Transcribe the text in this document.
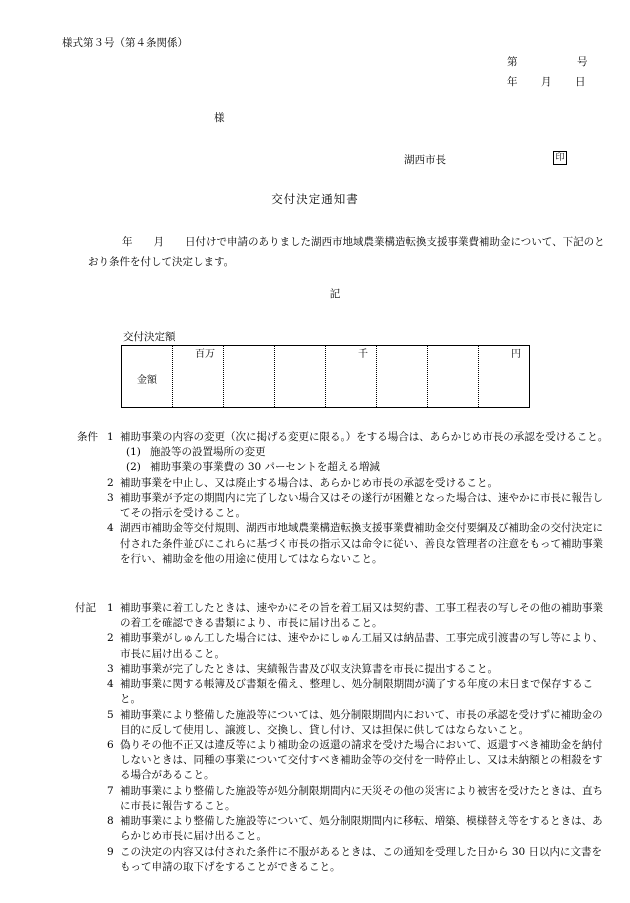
様式第３号（第４条関係）
第	号
年 月 日
様
湖西市長	印
交付決定通知書
年　　月　　日付けで申請のありました湖西市地域農業構造転換支援事業費補助金について、下記のとおり条件を付して決定します。
記
交付決定額
金額

百万			千			円
条件 1 補助事業の内容の変更（次に掲げる変更に限る。）をする場合は、あらかじめ市長の承認を受けること。
(1) 施設等の設置場所の変更
(2) 補助事業の事業費の 30 パーセントを超える増減
2 補助事業を中止し、又は廃止する場合は、あらかじめ市長の承認を受けること。
3 補助事業が予定の期間内に完了しない場合又はその遂行が困難となった場合は、速やかに市長に報告してその指示を受けること。
4 湖西市補助金等交付規則、湖西市地域農業構造転換支援事業費補助金交付要綱及び補助金の交付決定に付された条件並びにこれらに基づく市長の指示又は命令に従い、善良な管理者の注意をもって補助事業を行い、補助金を他の用途に使用してはならないこと。
付記 1 補助事業に着工したときは、速やかにその旨を着工届又は契約書、工事工程表の写しその他の補助事業の着工を確認できる書類により、市長に届け出ること。
2 補助事業がしゅん工した場合には、速やかにしゅん工届又は納品書、工事完成引渡書の写し等により、市長に届け出ること。
3 補助事業が完了したときは、実績報告書及び収支決算書を市長に提出すること。
4 補助事業に関する帳簿及び書類を備え、整理し、処分制限期間が満了する年度の末日まで保存すること。
5 補助事業により整備した施設等については、処分制限期間内において、市長の承認を受けずに補助金の目的に反して使用し、譲渡し、交換し、貸し付け、又は担保に供してはならないこと。
6 偽りその他不正又は違反等により補助金の返還の請求を受けた場合において、返還すべき補助金を納付しないときは、同種の事業について交付すべき補助金等の交付を一時停止し、又は未納額との相殺をする場合があること。
7 補助事業により整備した施設等が処分制限期間内に天災その他の災害により被害を受けたときは、直ちに市長に報告すること。
8 補助事業により整備した施設等について、処分制限期間内に移転、増築、模様替え等をするときは、あらかじめ市長に届け出ること。
9 この決定の内容又は付された条件に不服があるときは、この通知を受理した日から 30 日以内に文書をもって申請の取下げをすることができること。
